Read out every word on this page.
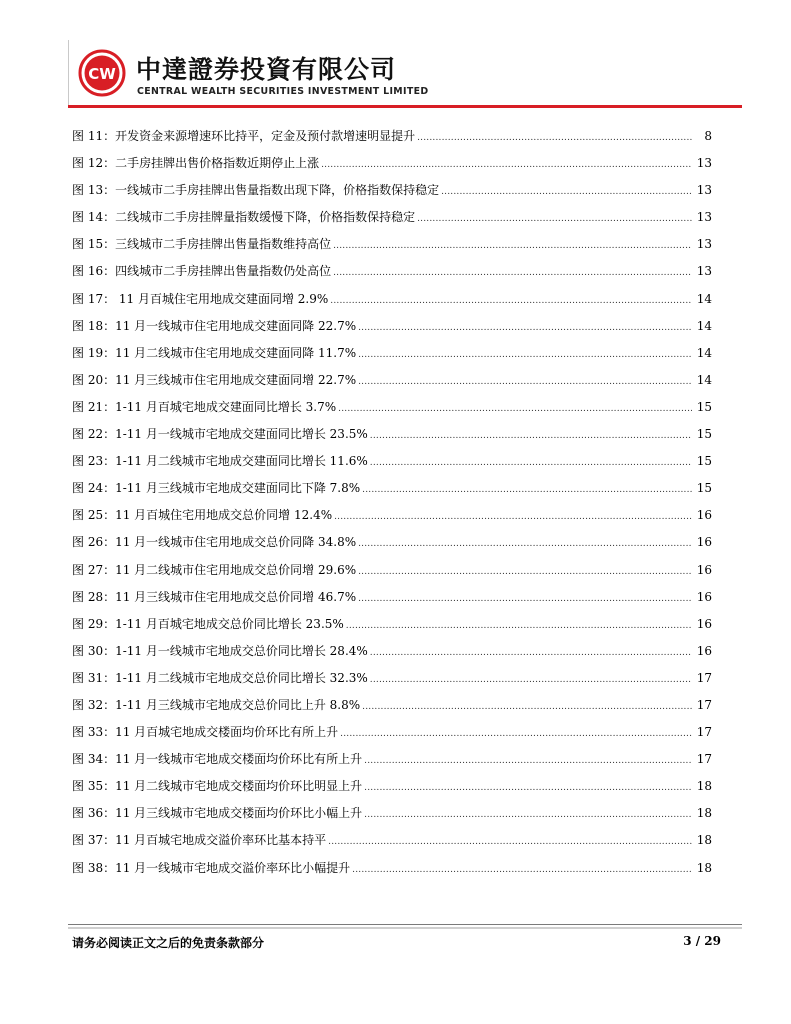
CW 中達證券投資有限公司
CENTRAL WEALTH SECURITIES INVESTMENT LIMITED
图 11：开发资金来源增速环比持平，定金及预付款增速明显提升 .....	8
图 12：二手房挂牌出售价格指数近期停止上涨 .....	13
图 13：一线城市二手房挂牌出售量指数出现下降，价格指数保持稳定 .....	13
图 14：二线城市二手房挂牌量指数缓慢下降，价格指数保持稳定 .....	13
图 15：三线城市二手房挂牌出售量指数维持高位 .....	13
图 16：四线城市二手房挂牌出售量指数仍处高位 .....	13
图 17： 11 月百城住宅用地成交建面同增 2.9% .....	14
图 18：11 月一线城市住宅用地成交建面同降 22.7% .....	14
图 19：11 月二线城市住宅用地成交建面同降 11.7% .....	14
图 20：11 月三线城市住宅用地成交建面同增 22.7% .....	14
图 21：1-11 月百城宅地成交建面同比增长 3.7% .....	15
图 22：1-11 月一线城市宅地成交建面同比增长 23.5% .....	15
图 23：1-11 月二线城市宅地成交建面同比增长 11.6% .....	15
图 24：1-11 月三线城市宅地成交建面同比下降 7.8% .....	15
图 25：11 月百城住宅用地成交总价同增 12.4% .....	16
图 26：11 月一线城市住宅用地成交总价同降 34.8% .....	16
图 27：11 月二线城市住宅用地成交总价同增 29.6% .....	16
图 28：11 月三线城市住宅用地成交总价同增 46.7% .....	16
图 29：1-11 月百城宅地成交总价同比增长 23.5% .....	16
图 30：1-11 月一线城市宅地成交总价同比增长 28.4% .....	16
图 31：1-11 月二线城市宅地成交总价同比增长 32.3% .....	17
图 32：1-11 月三线城市宅地成交总价同比上升 8.8% .....	17
图 33：11 月百城宅地成交楼面均价环比有所上升 .....	17
图 34：11 月一线城市宅地成交楼面均价环比有所上升 .....	17
图 35：11 月二线城市宅地成交楼面均价环比明显上升 .....	18
图 36：11 月三线城市宅地成交楼面均价环比小幅上升 .....	18
图 37：11 月百城宅地成交溢价率环比基本持平 .....	18
图 38：11 月一线城市宅地成交溢价率环比小幅提升 .....	18
请务必阅读正文之后的免责条款部分	3 / 29
